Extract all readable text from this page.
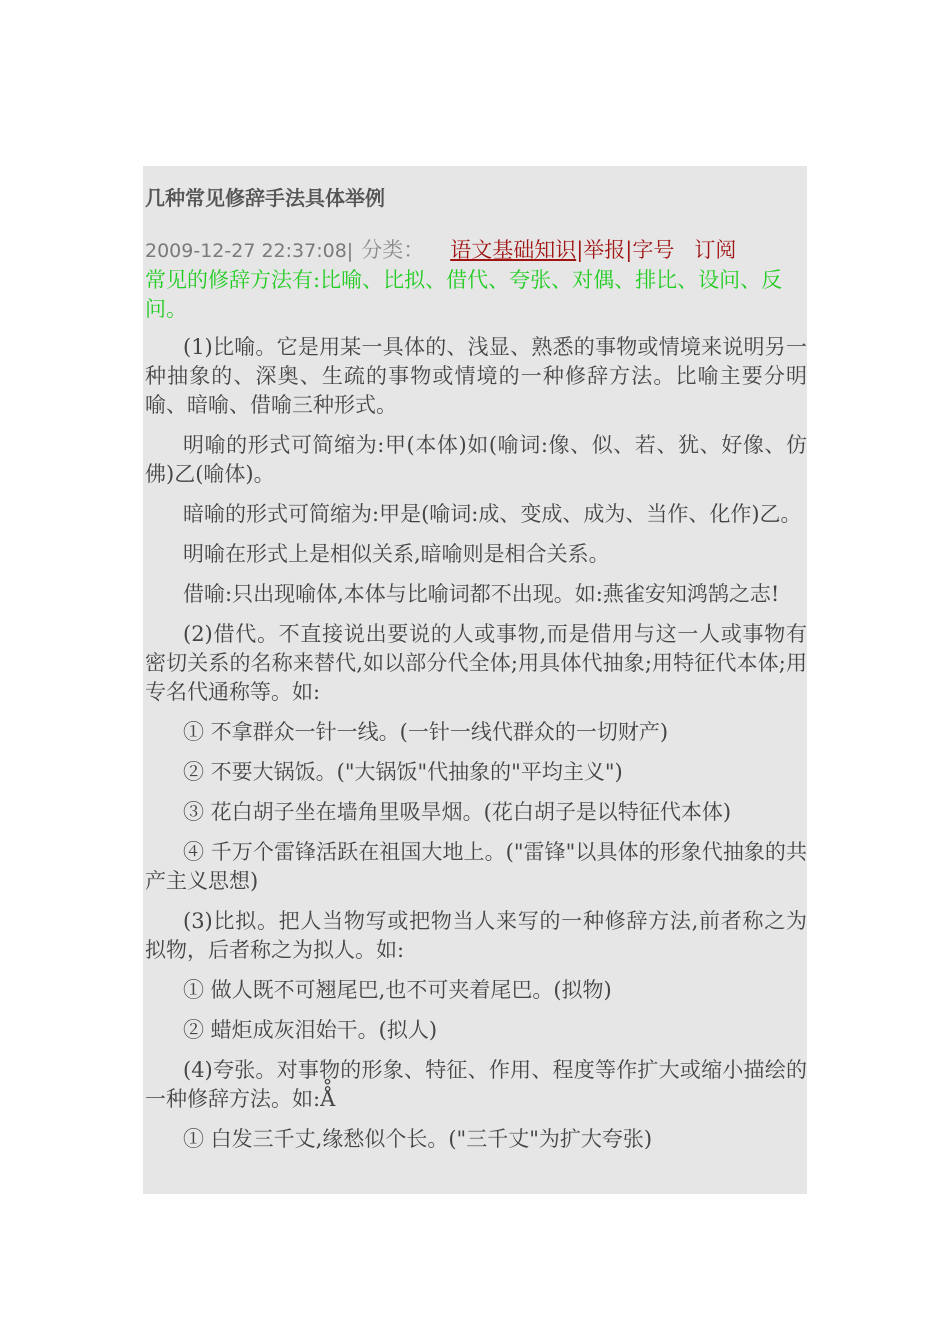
几种常见修辞手法具体举例
2009-12-27 22:37:08| 分类： 语文基础知识|举报|字号 订阅

常见的修辞方法有:比喻、比拟、借代、夸张、对偶、排比、设问、反问。

(1)比喻。它是用某一具体的、浅显、熟悉的事物或情境来说明另一种抽象的、深奥、生疏的事物或情境的一种修辞方法。比喻主要分明喻、暗喻、借喻三种形式。

明喻的形式可简缩为:甲(本体)如(喻词:像、似、若、犹、好像、仿佛)乙(喻体)。

暗喻的形式可简缩为:甲是(喻词:成、变成、成为、当作、化作)乙。

明喻在形式上是相似关系,暗喻则是相合关系。

借喻:只出现喻体,本体与比喻词都不出现。如:燕雀安知鸿鹄之志!

(2)借代。不直接说出要说的人或事物,而是借用与这一人或事物有密切关系的名称来替代,如以部分代全体;用具体代抽象;用特征代本体;用专名代通称等。如:

① 不拿群众一针一线。(一针一线代群众的一切财产)

② 不要大锅饭。("大锅饭"代抽象的"平均主义")

③ 花白胡子坐在墙角里吸旱烟。(花白胡子是以特征代本体)

④ 千万个雷锋活跃在祖国大地上。("雷锋"以具体的形象代抽象的共产主义思想)

(3)比拟。把人当物写或把物当人来写的一种修辞方法,前者称之为拟物，后者称之为拟人。如:

① 做人既不可翘尾巴,也不可夹着尾巴。(拟物)

② 蜡炬成灰泪始干。(拟人)

(4)夸张。对事物的形象、特征、作用、程度等作扩大或缩小描绘的一种修辞方法。如:Å̊

① 白发三千丈,缘愁似个长。("三千丈"为扩大夸张)
